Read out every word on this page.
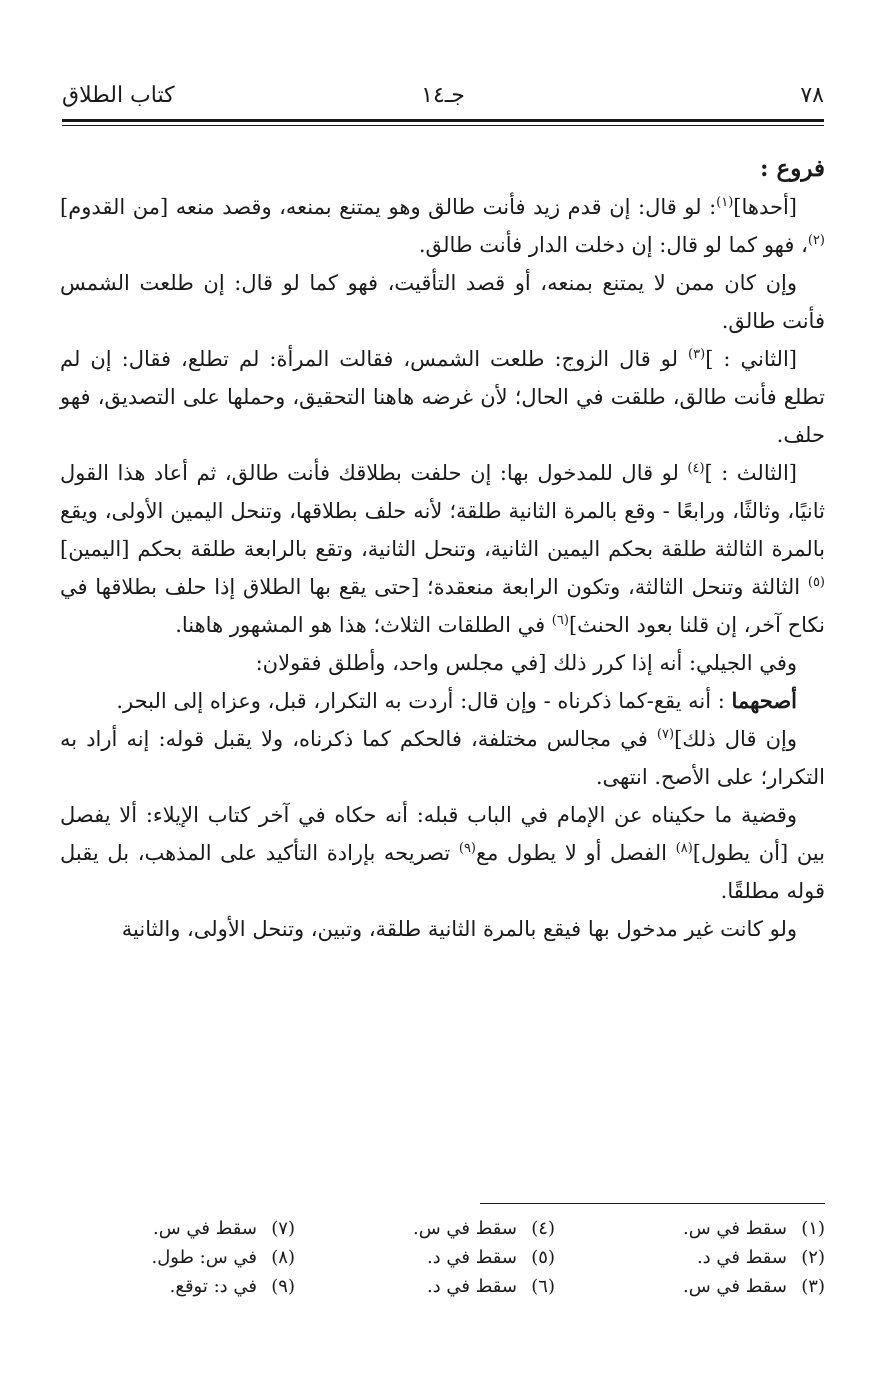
٧٨
جـ١٤
كتاب الطلاق

فروع :

[أحدها]$^{(١)}$: لو قال: إن قدم زيد فأنت طالق وهو يمتنع بمنعه، وقصد منعه [من القدوم]$^{(٢)}$، فهو كما لو قال: إن دخلت الدار فأنت طالق.

وإن كان ممن لا يمتنع بمنعه، أو قصد التأقيت، فهو كما لو قال: إن طلعت الشمس فأنت طالق.

[الثاني : ]$^{(٣)}$ لو قال الزوج: طلعت الشمس، فقالت المرأة: لم تطلع، فقال: إن لم تطلع فأنت طالق، طلقت في الحال؛ لأن غرضه هاهنا التحقيق، وحملها على التصديق، فهو حلف.

[الثالث : ]$^{(٤)}$ لو قال للمدخول بها: إن حلفت بطلاقك فأنت طالق، ثم أعاد هذا القول ثانيًا، وثالثًا، ورابعًا - وقع بالمرة الثانية طلقة؛ لأنه حلف بطلاقها، وتنحل اليمين الأولى، ويقع بالمرة الثالثة طلقة بحكم اليمين الثانية، وتنحل الثانية، وتقع بالرابعة طلقة بحكم [اليمين]$^{(٥)}$ الثالثة وتنحل الثالثة، وتكون الرابعة منعقدة؛ [حتى يقع بها الطلاق إذا حلف بطلاقها في نكاح آخر، إن قلنا بعود الحنث]$^{(٦)}$ في الطلقات الثلاث؛ هذا هو المشهور هاهنا.

وفي الجيلي: أنه إذا كرر ذلك [في مجلس واحد، وأطلق فقولان:

أصحهما : أنه يقع-كما ذكرناه - وإن قال: أردت به التكرار، قبل، وعزاه إلى البحر.

وإن قال ذلك]$^{(٧)}$ في مجالس مختلفة، فالحكم كما ذكرناه، ولا يقبل قوله: إنه أراد به التكرار؛ على الأصح. انتهى.

وقضية ما حكيناه عن الإمام في الباب قبله: أنه حكاه في آخر كتاب الإيلاء: ألا يفصل بين [أن يطول]$^{(٨)}$ الفصل أو لا يطول مع$^{(٩)}$ تصريحه بإرادة التأكيد على المذهب، بل يقبل قوله مطلقًا.

ولو كانت غير مدخول بها فيقع بالمرة الثانية طلقة، وتبين، وتنحل الأولى، والثانية

(١)سقط في س.
(٢)سقط في د.
(٣)سقط في س.
(٤)سقط في س.
(٥)سقط في د.
(٦)سقط في د.
(٧)سقط في س.
(٨)في س: طول.
(٩)في د: توقع.
